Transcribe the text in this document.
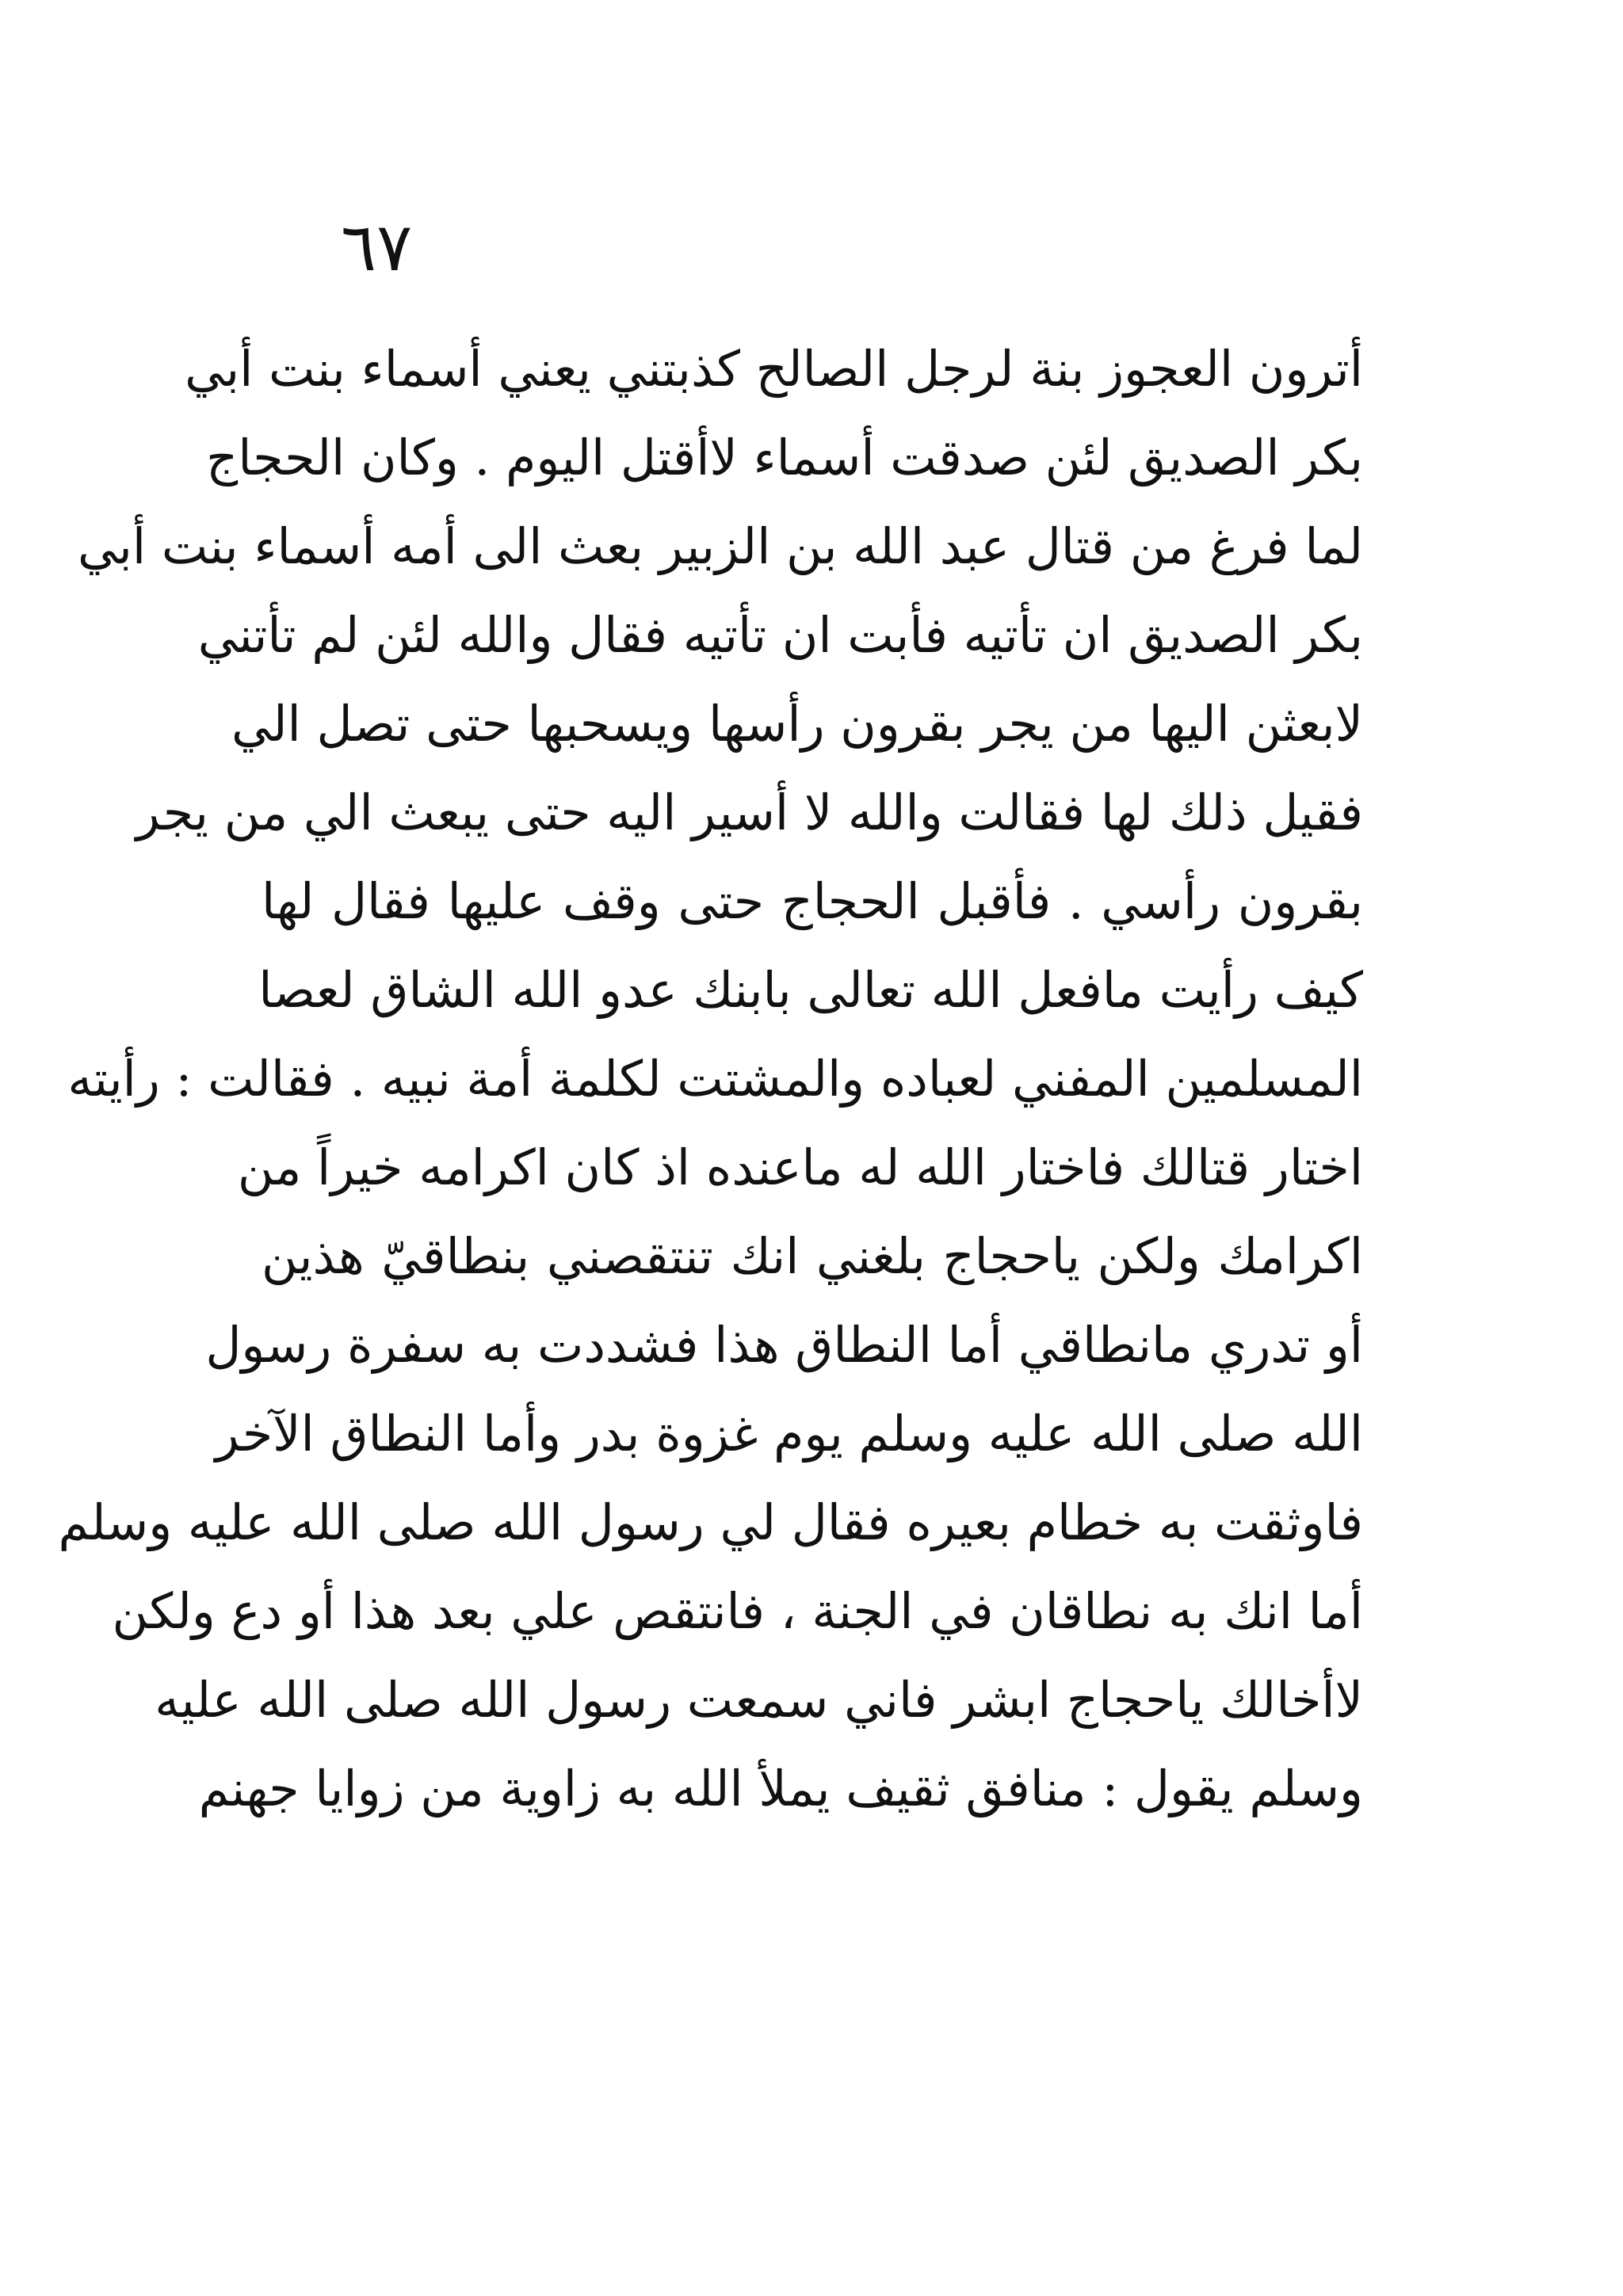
٦٧
أترون العجوز بنة لرجل الصالح كذبتني يعني أسماء بنت أبي
بكر الصديق لئن صدقت أسماء لاأقتل اليوم . وكان الحجاج
لما فرغ من قتال عبد الله بن الزبير بعث الى أمه أسماء بنت أبي
بكر الصديق ان تأتيه فأبت ان تأتيه فقال والله لئن لم تأتني
لابعثن اليها من يجر بقرون رأسها ويسحبها حتى تصل الي
فقيل ذلك لها فقالت والله لا أسير اليه حتى يبعث الي من يجر
بقرون رأسي . فأقبل الحجاج حتى وقف عليها فقال لها
كيف رأيت مافعل الله تعالى بابنك عدو الله الشاق لعصا
المسلمين المفني لعباده والمشتت لكلمة أمة نبيه . فقالت : رأيته
اختار قتالك فاختار الله له ماعنده اذ كان اكرامه خيراً من
اكرامك ولكن ياحجاج بلغني انك تنتقصني بنطاقيّ هذين
أو تدري مانطاقي أما النطاق هذا فشددت به سفرة رسول
الله صلى الله عليه وسلم يوم غزوة بدر وأما النطاق الآخر
فاوثقت به خطام بعيره فقال لي رسول الله صلى الله عليه وسلم
أما انك به نطاقان في الجنة ، فانتقص علي بعد هذا أو دع ولكن
لاأخالك ياحجاج ابشر فاني سمعت رسول الله صلى الله عليه
وسلم يقول : منافق ثقيف يملأ الله به زاوية من زوايا جهنم
